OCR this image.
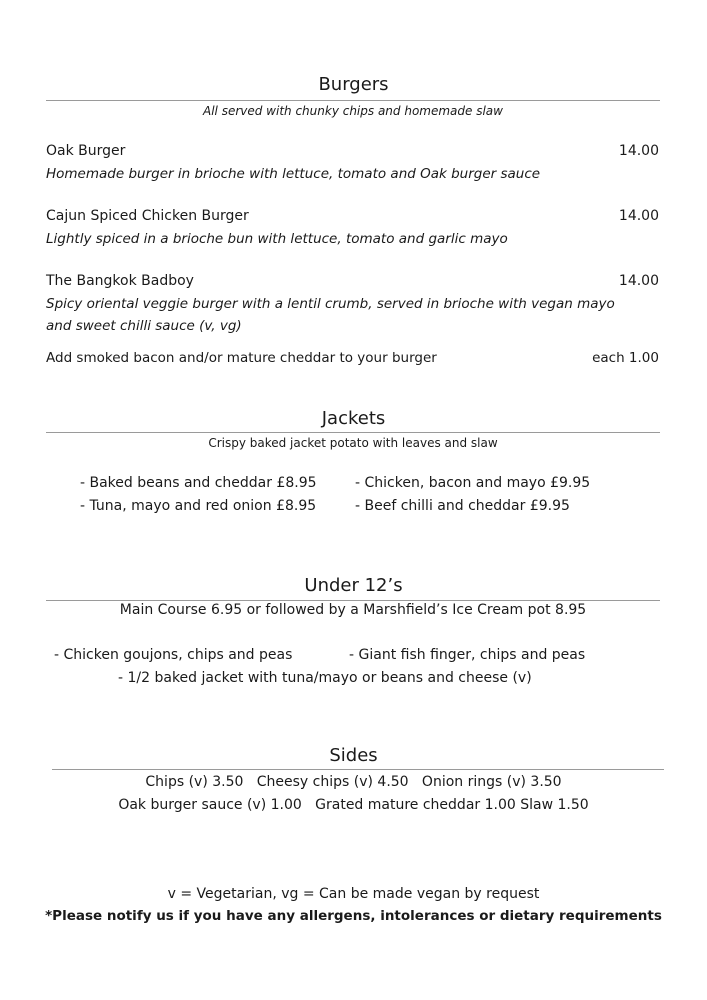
Burgers
All served with chunky chips and homemade slaw
Oak Burger	14.00
Homemade burger in brioche with lettuce, tomato and Oak burger sauce
Cajun Spiced Chicken Burger	14.00
Lightly spiced in a brioche bun with lettuce, tomato and garlic mayo
The Bangkok Badboy	14.00
Spicy oriental veggie burger with a lentil crumb, served in brioche with vegan mayo
and sweet chilli sauce (v, vg)
Add smoked bacon and/or mature cheddar to your burger	each 1.00
Jackets
Crispy baked jacket potato with leaves and slaw
- Baked beans and cheddar £8.95
- Tuna, mayo and red onion £8.95
- Chicken, bacon and mayo £9.95
- Beef chilli and cheddar £9.95
Under 12’s
Main Course 6.95 or followed by a Marshfield’s Ice Cream pot 8.95
- Chicken goujons, chips and peas	- Giant fish finger, chips and peas
- 1/2 baked jacket with tuna/mayo or beans and cheese (v)
Sides
Chips (v) 3.50   Cheesy chips (v) 4.50   Onion rings (v) 3.50
Oak burger sauce (v) 1.00   Grated mature cheddar 1.00 Slaw 1.50
v = Vegetarian, vg = Can be made vegan by request
*Please notify us if you have any allergens, intolerances or dietary requirements
